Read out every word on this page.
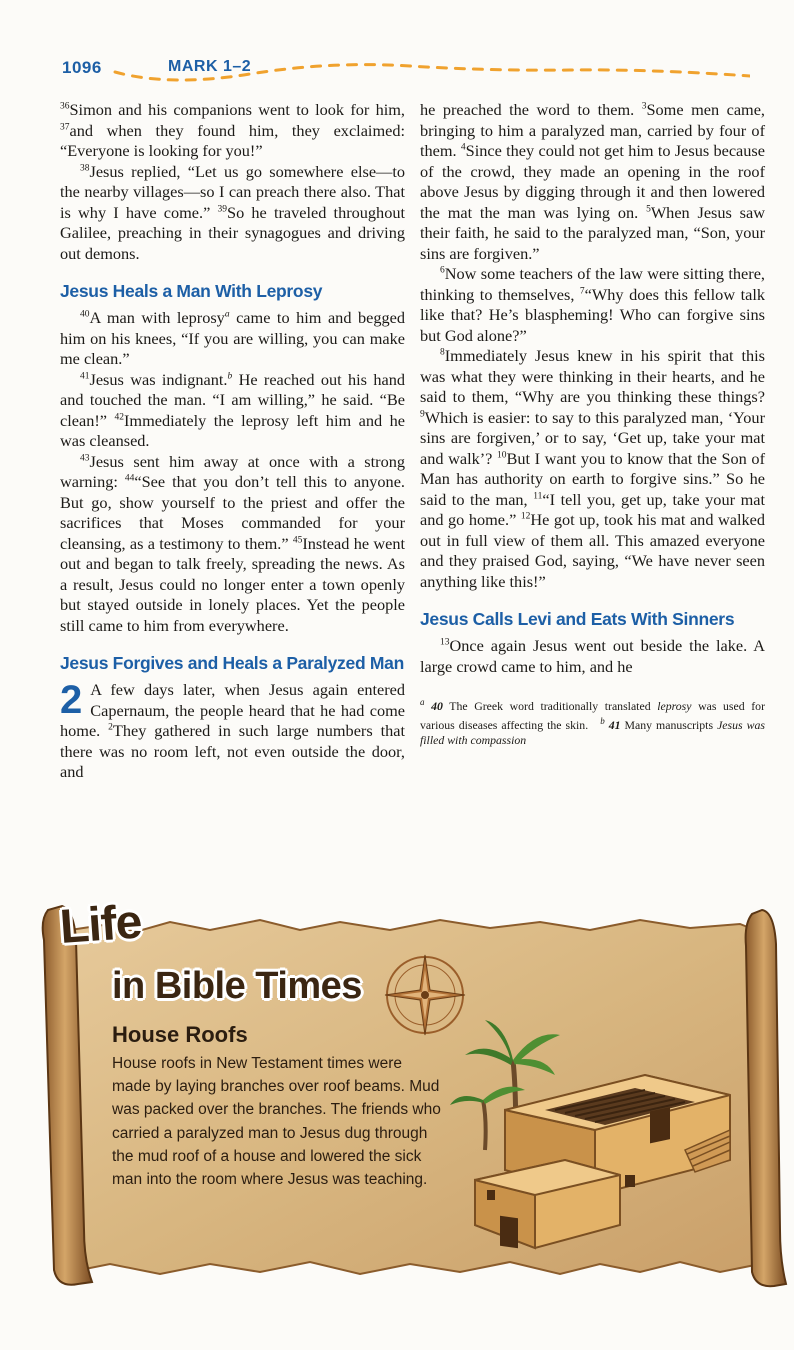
1096	MARK 1–2

$^{36}$Simon and his companions went to look for him, $^{37}$and when they found him, they exclaimed: “Everyone is looking for you!”

$^{38}$Jesus replied, “Let us go somewhere else—to the nearby villages—so I can preach there also. That is why I have come.” $^{39}$So he traveled throughout Galilee, preaching in their synagogues and driving out demons.

Jesus Heals a Man With Leprosy

$^{40}$A man with leprosy$^a$ came to him and begged him on his knees, “If you are willing, you can make me clean.”

$^{41}$Jesus was indignant.$^b$ He reached out his hand and touched the man. “I am willing,” he said. “Be clean!” $^{42}$Immediately the leprosy left him and he was cleansed.

$^{43}$Jesus sent him away at once with a strong warning: $^{44}$“See that you don’t tell this to anyone. But go, show yourself to the priest and offer the sacrifices that Moses commanded for your cleansing, as a testimony to them.” $^{45}$Instead he went out and began to talk freely, spreading the news. As a result, Jesus could no longer enter a town openly but stayed outside in lonely places. Yet the people still came to him from everywhere.

Jesus Forgives and Heals a Paralyzed Man

2 A few days later, when Jesus again entered Capernaum, the people heard that he had come home. $^2$They gathered in such large numbers that there was no room left, not even outside the door, and

he preached the word to them. $^3$Some men came, bringing to him a paralyzed man, carried by four of them. $^4$Since they could not get him to Jesus because of the crowd, they made an opening in the roof above Jesus by digging through it and then lowered the mat the man was lying on. $^5$When Jesus saw their faith, he said to the paralyzed man, “Son, your sins are forgiven.”

$^6$Now some teachers of the law were sitting there, thinking to themselves, $^7$“Why does this fellow talk like that? He’s blaspheming! Who can forgive sins but God alone?”

$^8$Immediately Jesus knew in his spirit that this was what they were thinking in their hearts, and he said to them, “Why are you thinking these things? $^9$Which is easier: to say to this paralyzed man, ‘Your sins are forgiven,’ or to say, ‘Get up, take your mat and walk’? $^{10}$But I want you to know that the Son of Man has authority on earth to forgive sins.” So he said to the man, $^{11}$“I tell you, get up, take your mat and go home.” $^{12}$He got up, took his mat and walked out in full view of them all. This amazed everyone and they praised God, saying, “We have never seen anything like this!”

Jesus Calls Levi and Eats With Sinners

$^{13}$Once again Jesus went out beside the lake. A large crowd came to him, and he

$^a$ 40 The Greek word traditionally translated leprosy was used for various diseases affecting the skin. $^b$ 41 Many manuscripts Jesus was filled with compassion

Life
in Bible Times
House Roofs
House roofs in New Testament times were made by laying branches over roof beams. Mud was packed over the branches. The friends who carried a paralyzed man to Jesus dug through the mud roof of a house and lowered the sick man into the room where Jesus was teaching.
